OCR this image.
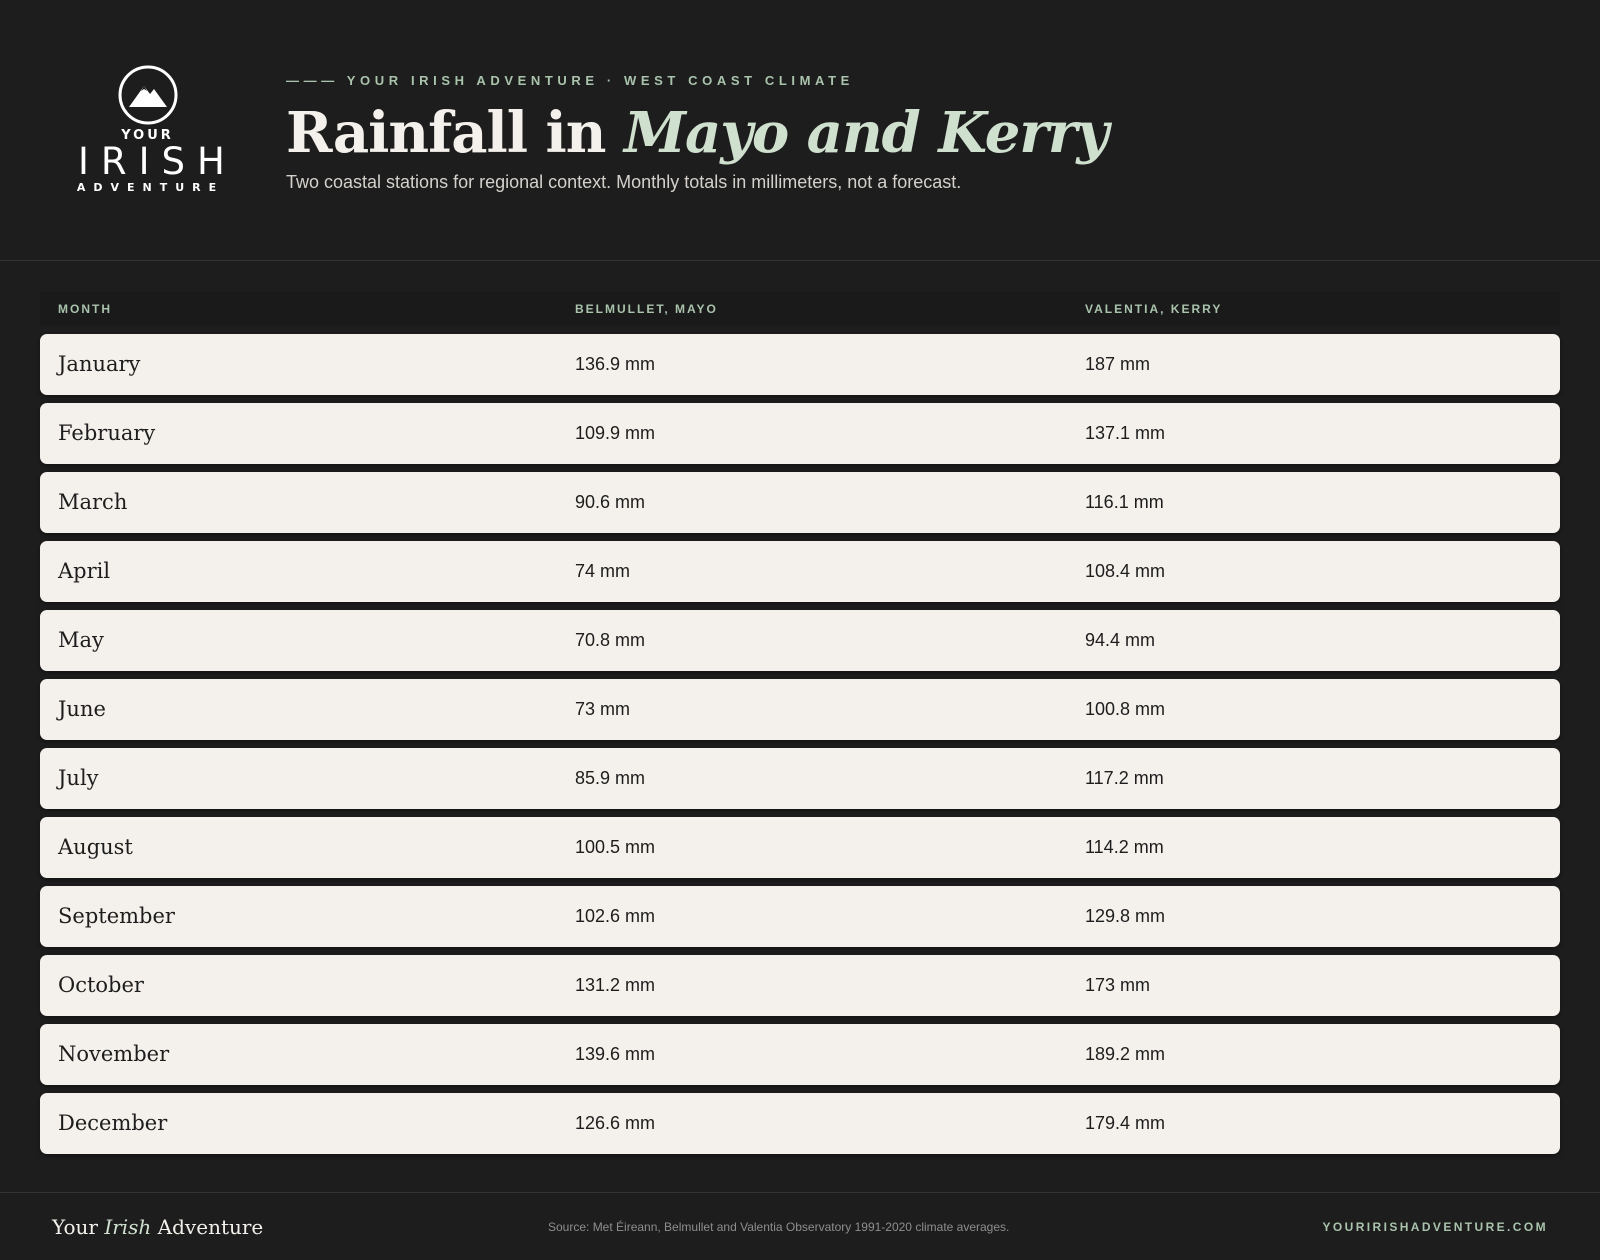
YOUR
IRISH
ADVENTURE
——— YOUR IRISH ADVENTURE · WEST COAST CLIMATE
Rainfall in Mayo and Kerry
Two coastal stations for regional context. Monthly totals in millimeters, not a forecast.
MONTH	BELMULLET, MAYO	VALENTIA, KERRY
January	136.9 mm	187 mm
February	109.9 mm	137.1 mm
March	90.6 mm	116.1 mm
April	74 mm	108.4 mm
May	70.8 mm	94.4 mm
June	73 mm	100.8 mm
July	85.9 mm	117.2 mm
August	100.5 mm	114.2 mm
September	102.6 mm	129.8 mm
October	131.2 mm	173 mm
November	139.6 mm	189.2 mm
December	126.6 mm	179.4 mm
Your Irish Adventure	Source: Met Éireann, Belmullet and Valentia Observatory 1991-2020 climate averages.	YOURIRISHADVENTURE.COM
